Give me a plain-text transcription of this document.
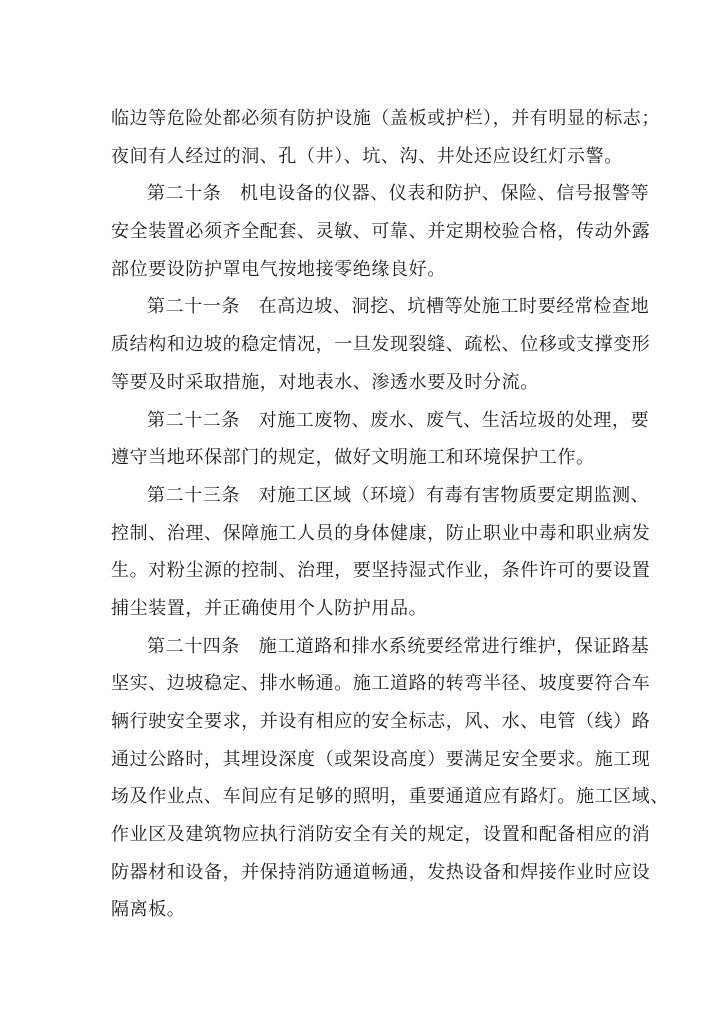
临边等危险处都必须有防护设施（盖板或护栏），并有明显的标志；
夜间有人经过的洞、孔（井）、坑、沟、井处还应设红灯示警。
第二十条　机电设备的仪器、仪表和防护、保险、信号报警等
安全装置必须齐全配套、灵敏、可靠、并定期校验合格，传动外露
部位要设防护罩电气按地接零绝缘良好。
第二十一条　在高边坡、洞挖、坑槽等处施工时要经常检查地
质结构和边坡的稳定情况，一旦发现裂缝、疏松、位移或支撑变形
等要及时采取措施，对地表水、渗透水要及时分流。
第二十二条　对施工废物、废水、废气、生活垃圾的处理，要
遵守当地环保部门的规定，做好文明施工和环境保护工作。
第二十三条　对施工区域（环境）有毒有害物质要定期监测、
控制、治理、保障施工人员的身体健康，防止职业中毒和职业病发
生。对粉尘源的控制、治理，要坚持湿式作业，条件许可的要设置
捕尘装置，并正确使用个人防护用品。
第二十四条　施工道路和排水系统要经常进行维护，保证路基
坚实、边坡稳定、排水畅通。施工道路的转弯半径、坡度要符合车
辆行驶安全要求，并设有相应的安全标志，风、水、电管（线）路
通过公路时，其埋设深度（或架设高度）要满足安全要求。施工现
场及作业点、车间应有足够的照明，重要通道应有路灯。施工区域、
作业区及建筑物应执行消防安全有关的规定，设置和配备相应的消
防器材和设备，并保持消防通道畅通，发热设备和焊接作业时应设
隔离板。
